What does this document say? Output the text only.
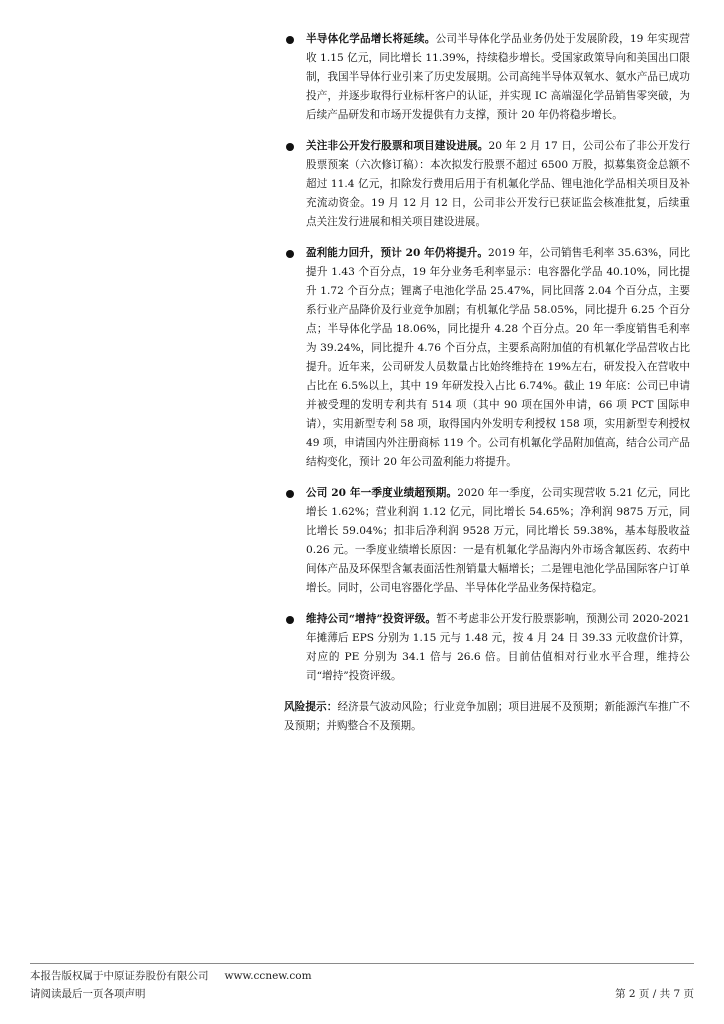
半导体化学品增长将延续。公司半导体化学品业务仍处于发展阶段，19 年实现营收 1.15 亿元，同比增长 11.39%，持续稳步增长。受国家政策导向和美国出口限制，我国半导体行业引来了历史发展期。公司高纯半导体双氧水、氨水产品已成功投产，并逐步取得行业标杆客户的认证，并实现 IC 高端湿化学品销售零突破，为后续产品研发和市场开发提供有力支撑，预计 20 年仍将稳步增长。

关注非公开发行股票和项目建设进展。20 年 2 月 17 日，公司公布了非公开发行股票预案（六次修订稿）：本次拟发行股票不超过 6500 万股，拟募集资金总额不超过 11.4 亿元，扣除发行费用后用于有机氟化学品、锂电池化学品相关项目及补充流动资金。19 月 12 月 12 日，公司非公开发行已获证监会核准批复，后续重点关注发行进展和相关项目建设进展。

盈利能力回升，预计 20 年仍将提升。2019 年，公司销售毛利率 35.63%，同比提升 1.43 个百分点，19 年分业务毛利率显示：电容器化学品 40.10%，同比提升 1.72 个百分点；锂离子电池化学品 25.47%，同比回落 2.04 个百分点，主要系行业产品降价及行业竞争加剧；有机氟化学品 58.05%，同比提升 6.25 个百分点；半导体化学品 18.06%，同比提升 4.28 个百分点。20 年一季度销售毛利率为 39.24%，同比提升 4.76 个百分点，主要系高附加值的有机氟化学品营收占比提升。近年来，公司研发人员数量占比始终维持在 19%左右，研发投入在营收中占比在 6.5%以上，其中 19 年研发投入占比 6.74%。截止 19 年底：公司已申请并被受理的发明专利共有 514 项（其中 90 项在国外申请，66 项 PCT 国际申请），实用新型专利 58 项，取得国内外发明专利授权 158 项，实用新型专利授权 49 项，申请国内外注册商标 119 个。公司有机氟化学品附加值高，结合公司产品结构变化，预计 20 年公司盈利能力将提升。

公司 20 年一季度业绩超预期。2020 年一季度，公司实现营收 5.21 亿元，同比增长 1.62%；营业利润 1.12 亿元，同比增长 54.65%；净利润 9875 万元，同比增长 59.04%；扣非后净利润 9528 万元，同比增长 59.38%，基本每股收益 0.26 元。一季度业绩增长原因：一是有机氟化学品海内外市场含氟医药、农药中间体产品及环保型含氟表面活性剂销量大幅增长；二是锂电池化学品国际客户订单增长。同时，公司电容器化学品、半导体化学品业务保持稳定。

维持公司“增持”投资评级。暂不考虑非公开发行股票影响，预测公司 2020-2021 年摊薄后 EPS 分别为 1.15 元与 1.48 元，按 4 月 24 日 39.33 元收盘价计算，对应的 PE 分别为 34.1 倍与 26.6 倍。目前估值相对行业水平合理，维持公司“增持”投资评级。

风险提示：经济景气波动风险；行业竞争加剧；项目进展不及预期；新能源汽车推广不及预期；并购整合不及预期。

本报告版权属于中原证券股份有限公司 www.ccnew.com
请阅读最后一页各项声明	第 2 页 / 共 7 页
